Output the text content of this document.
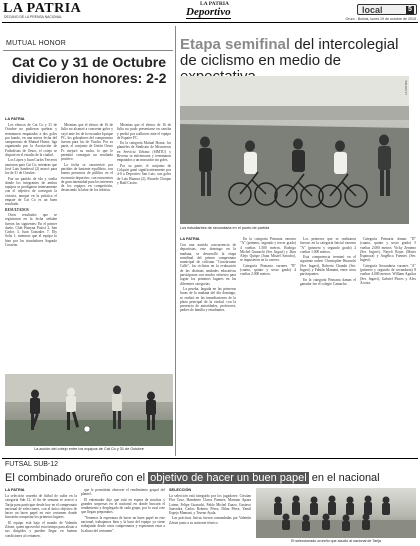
LA PATRIA
DECANO DE LA PRENSA NACIONAL
LA PATRIA
Deportivo	local	5
Oruro - Bolivia, lunes 19 de octubre de 2015
MUTUAL HONOR
Cat Co y 31 de Octubre dividieron honores: 2-2
LA PATRIA

Los elencos de Cat Co y 31 de Octubre no pudieron quebrar y terminaron empatados a dos goles por bando, en una nueva fecha del campeonato de Mutual Honor, liga organizada por la Asociación de Futbolistas de Oruro, el cotejo se disputó en el estadio de la ciudad.

Los López y Juan Carlos Terceros anotaron para Cat Co, mientras que José Luis Sandoval (2) marcó para los de 31 de Octubre.

Fue un partido de ida y vuelta donde los integrantes de ambos equipos se prodigaron intensamente con el objetivo de conseguir la victoria, aunque en la práctica el empate de Cat Co es un buen resultado.

RESULTADOS

Otros resultados que se registraron en la fecha señalan fueron los siguientes: En el primer duelo, Club Huayna Potosí 2, San Carlos 3, Juan Gonzales 7, Ely Solis 1, mientras que el equipo lo hizo por los triunfadores Sagrado Corazón.

Mientras que el elenco de 16 de Julio no alcanzó a concretar goles y cayó ante los de la escuadra Iquique FC, los goleadores del compromiso fueron para los de Viacha. Por su parte, el conjunto de Unión Oruro Fc mejoró su racha, lo que le permitió conseguir un resultado positivo.

La fecha se caracterizó por partidos de bastante equilibrio, con buena presencia de público en el escenario deportivo, con encuentros de gran intensidad para los intereses de los equipos en competición, destacando la labor de los árbitros.

Mientras que el elenco de 16 de Julio no pudo presentarse en cancha y perdió por walkover ante el equipo de Espaire FC.

En la categoría Mutual Honor, los planteles de Sindicato de Mixtureros en Servicio Urbano (SIMTU) y Riveras se enfrentaron y terminaron empatados a un marcador sin goles.

Por su parte, el conjunto de Colquiri ganó significativamente por 4-0 a Deportivo San Luis, con goles de Luis Huanca (2), Ricardo Choque y Raúl Castro.

La acción del cotejo entre los equipos de Cat Co y 31 de Octubre
Etapa semifinal del intercolegial de ciclismo en medio de
LA PATRIA
Los estudiantes de secundaria en el punto de partida
LA PATRIA

Con una nutrida concurrencia de deportistas, este domingo en la mañana, se desarrolló la etapa semifinal del primer campeonato municipal de ciclismo "Concúrsame Calle", los ciclistas en la evaluación de las distintas unidades educativas participaron con mucho esfuerzo para lograr los primeros lugares en las diferentes categorías.

La prueba, largada en las primeras horas de la mañana del día domingo, se realizó en las inmediaciones de la plaza principal de la ciudad, con la presencia de autoridades, profesores, padres de familia y estudiantes.

En la categoría Primaria varones "A" (primero, segundo y tercer grado) 4 vueltas 1.500 metros, Rodrigo Michel Guarachi (Ser. Ingavi) y Jhon Alejo Quispe (Juan Misael Saracho), se impusieron en la carrera.

Categoría Primaria varones "B" (cuarto, quinto y sexto grado) 4 vueltas 2.000 metros.

Los primeros que se realizaron fueron: en la categoría Inicial varones "A" (primero y segundo grado) 2 vueltas 1.000 metros.

Esta competencia terminó en el siguiente orden: Christopher Huarachi (Ser. Ingavi), Roberto Chambi (Ser. Ingavi) y Fabián Mamani, entre otros participantes.

En la categoría Primaria damas el ganador fue el colegio Camacho.

Categoría Primaria damas "D" (cuarto, quinto y sexto grado) 5 vueltas 2.000 metros: Vicky Zenteno (Ser. Ingavi), Nayeli Rojas (Mario Espinoza) y Angélica Fuentes (Ser. Ingavi).

Categoría Secundaria varones "A" (primero y segundo de secundaria) 8 vueltas 4.000 metros: William Aguilar (Ser. Ingavi), Gabriel Flores y Alex Acosta.

FUTSAL SUB-12
El combinado orureño con el objetivo de hacer un buen papel en el nacional
LA PATRIA

La selección orureña de fútbol de salón en la categoría Sub 12, el fin de semana se acercó a Tarija para participar desde hoy en el campeonato nacional de selecciones, con el único objetivo de hacer un buen papel en este certamen donde buscarán conquistar los primeros lugares.

El equipo está bajo el mando de Valentín Zárate, quien aprovechó esta tiempo para alistar a sus dirigidos y pueden llegar en buenas condiciones al certamen.

que le permitirán observar el rendimiento grupal del plantel.

El entrenador dijo que está en espera de muchas y grandes sorpresas en el nacional en donde buscará el rendimiento y desplegado de cada grupo, por lo cual cree que llegan preparados.

"Tenemos la esperanza de hacer un buen papel en este nacional, trabajamos bien y la base del equipo ya viene trabajando desde otros campeonatos y esperamos estar a la altura del certamen".

SELECCIÓN

La selección está integrada por los jugadores: Cristian Flor Cruz, Humberto Claros Fuentes, Mariano Apaza Laime, Felipe Guarachi, Pablo Michel Zuazo, Gustavo Saavedra, Carlos Roberto Pérez, Dilan Pérez, Yamil Espejo Mamani, y Trueno Ayala.

Las prácticas físicas fueron comandadas por Valentín Zárate junto a su asistente técnico.

El seleccionado orureño que acudió al nacional de Tarija
